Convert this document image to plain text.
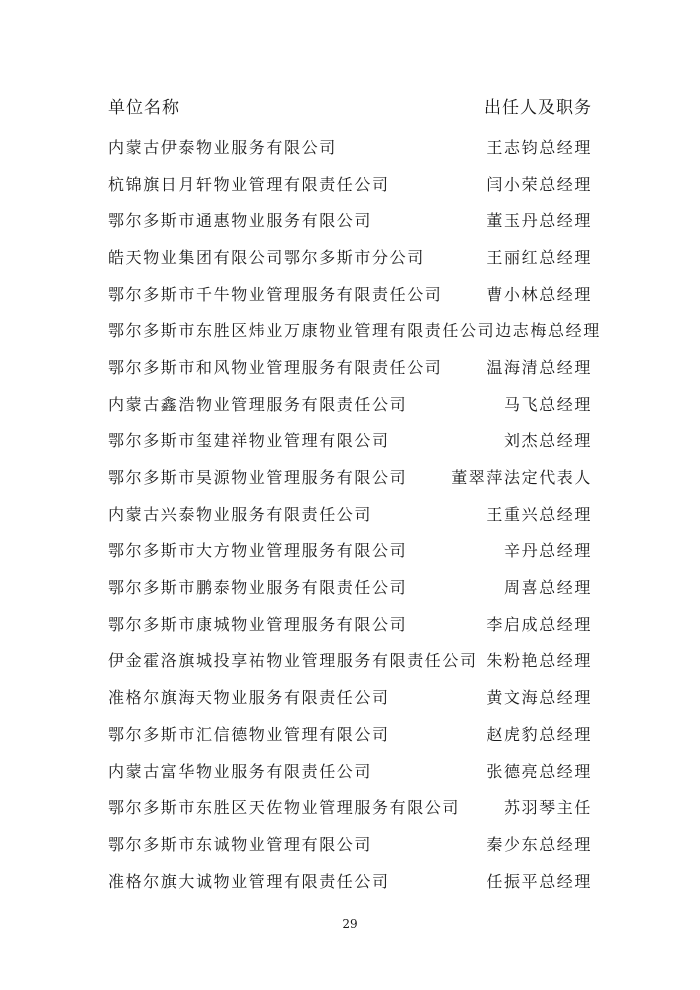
单位名称	出任人及职务
内蒙古伊泰物业服务有限公司	王志钧总经理
杭锦旗日月轩物业管理有限责任公司	闫小荣总经理
鄂尔多斯市通惠物业服务有限公司	董玉丹总经理
皓天物业集团有限公司鄂尔多斯市分公司	王丽红总经理
鄂尔多斯市千牛物业管理服务有限责任公司	曹小林总经理
鄂尔多斯市东胜区炜业万康物业管理有限责任公司 边志梅总经理
鄂尔多斯市和风物业管理服务有限责任公司	温海清总经理
内蒙古鑫浩物业管理服务有限责任公司	马飞总经理
鄂尔多斯市玺建祥物业管理有限公司	刘杰总经理
鄂尔多斯市昊源物业管理服务有限公司	董翠萍法定代表人
内蒙古兴泰物业服务有限责任公司	王重兴总经理
鄂尔多斯市大方物业管理服务有限公司	辛丹总经理
鄂尔多斯市鹏泰物业服务有限责任公司	周喜总经理
鄂尔多斯市康城物业管理服务有限公司	李启成总经理
伊金霍洛旗城投享祐物业管理服务有限责任公司 朱粉艳总经理
准格尔旗海天物业服务有限责任公司	黄文海总经理
鄂尔多斯市汇信德物业管理有限公司	赵虎豹总经理
内蒙古富华物业服务有限责任公司	张德亮总经理
鄂尔多斯市东胜区天佐物业管理服务有限公司	苏羽琴主任
鄂尔多斯市东诚物业管理有限公司	秦少东总经理
准格尔旗大诚物业管理有限责任公司	任振平总经理
29
